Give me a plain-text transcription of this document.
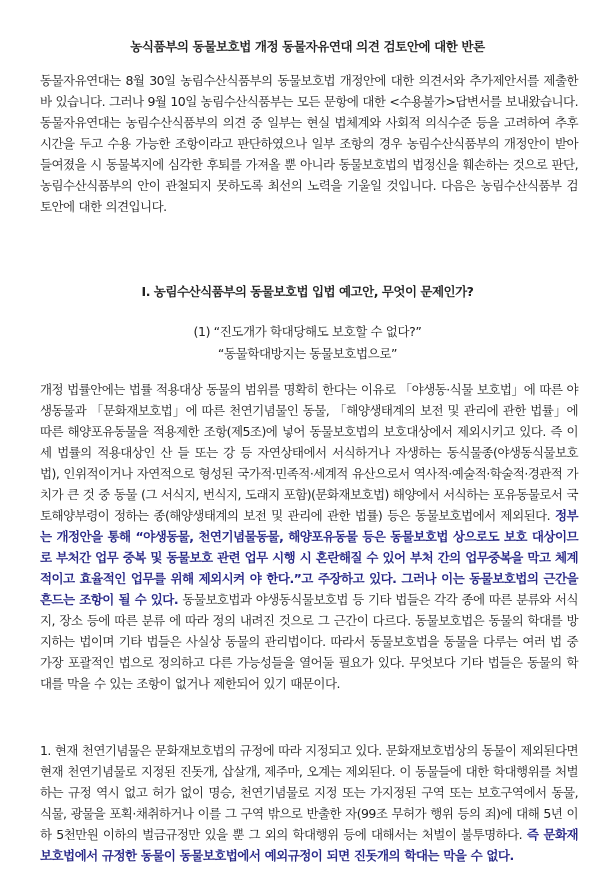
농식품부의 동물보호법 개정 동물자유연대 의견 검토안에 대한 반론

동물자유연대는 8월 30일 농림수산식품부의 동물보호법 개정안에 대한 의견서와 추가제안서를 제출한 바 있습니다. 그러나 9월 10일 농림수산식품부는 모든 문항에 대한 <수용불가>답변서를 보내왔습니다. 동물자유연대는 농림수산식품부의 의견 중 일부는 현실 법체계와 사회적 의식수준 등을 고려하여 추후 시간을 두고 수용 가능한 조항이라고 판단하였으나 일부 조항의 경우 농림수산식품부의 개정안이 받아들여졌을 시 동물복지에 심각한 후퇴를 가져올 뿐 아니라 동물보호법의 법정신을 훼손하는 것으로 판단, 농림수산식품부의 안이 관철되지 못하도록 최선의 노력을 기울일 것입니다. 다음은 농림수산식품부 검토안에 대한 의견입니다.

Ⅰ. 농림수산식품부의 동물보호법 입법 예고안, 무엇이 문제인가?
(1) “진도개가 학대당해도 보호할 수 없다?”
“동물학대방지는 동물보호법으로”

개정 법률안에는 법률 적용대상 동물의 범위를 명확히 한다는 이유로 「야생동·식물 보호법」에 따른 야생동물과 「문화재보호법」에 따른 천연기념물인 동물, 「해양생태계의 보전 및 관리에 관한 법률」에 따른 해양포유동물을 적용제한 조항(제5조)에 넣어 동물보호법의 보호대상에서 제외시키고 있다. 즉 이 세 법률의 적용대상인 산 들 또는 강 등 자연상태에서 서식하거나 자생하는 동식물종(야생동식물보호법), 인위적이거나 자연적으로 형성된 국가적·민족적·세계적 유산으로서 역사적·예술적·학술적·경관적 가치가 큰 것 중 동물 (그 서식지, 번식지, 도래지 포함)(문화재보호법) 해양에서 서식하는 포유동물로서 국토해양부령이 정하는 종(해양생태계의 보전 및 관리에 관한 법률) 등은 동물보호법에서 제외된다. 정부는 개정안을 통해 “야생동물, 천연기념물동물, 해양포유동물 등은 동물보호법 상으로도 보호 대상이므로 부처간 업무 중복 및 동물보호 관련 업무 시행 시 혼란해질 수 있어 부처 간의 업무중복을 막고 체계적이고 효율적인 업무를 위해 제외시켜 야 한다.”고 주장하고 있다. 그러나 이는 동물보호법의 근간을 흔드는 조항이 될 수 있다. 동물보호법과 야생동식물보호법 등 기타 법들은 각각 종에 따른 분류와 서식지, 장소 등에 따른 분류 에 따라 정의 내려진 것으로 그 근간이 다르다. 동물보호법은 동물의 학대를 방지하는 법이며 기타 법들은 사실상 동물의 관리법이다. 따라서 동물보호법을 동물을 다루는 여러 법 중 가장 포괄적인 법으로 정의하고 다른 가능성들을 열어둘 필요가 있다. 무엇보다 기타 법들은 동물의 학대를 막을 수 있는 조항이 없거나 제한되어 있기 때문이다.

1. 현재 천연기념물은 문화재보호법의 규정에 따라 지정되고 있다. 문화재보호법상의 동물이 제외된다면 현재 천연기념물로 지정된 진돗개, 삽살개, 제주마, 오계는 제외된다. 이 동물들에 대한 학대행위를 처벌하는 규정 역시 없고 허가 없이 명승, 천연기념물로 지정 또는 가지정된 구역 또는 보호구역에서 동물, 식물, 광물을 포획·채취하거나 이를 그 구역 밖으로 반출한 자(99조 무허가 행위 등의 죄)에 대해 5년 이하 5천만원 이하의 벌금규정만 있을 뿐 그 외의 학대행위 등에 대해서는 처벌이 불투명하다. 즉 문화재보호법에서 규정한 동물이 동물보호법에서 예외규정이 되면 진돗개의 학대는 막을 수 없다.
